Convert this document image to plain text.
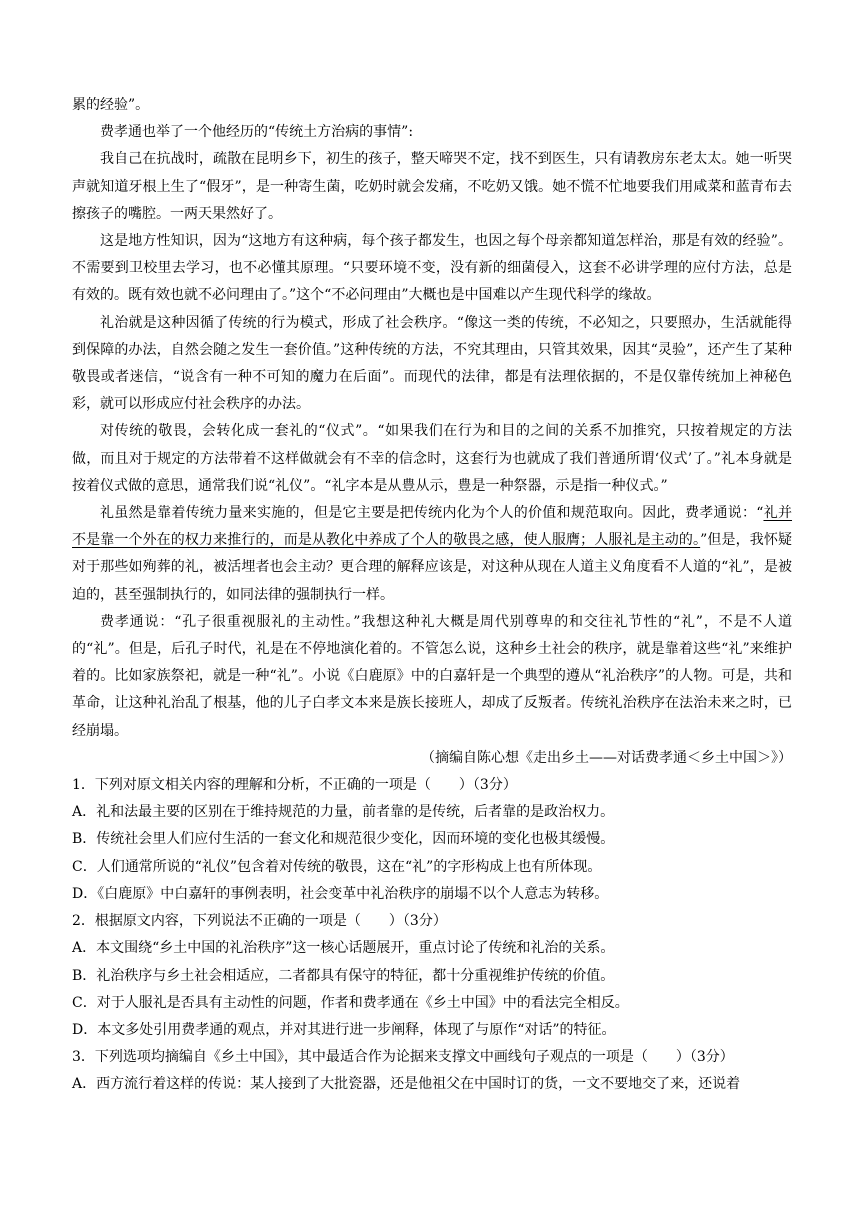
累的经验”。

费孝通也举了一个他经历的“传统土方治病的事情”:

我自己在抗战时，疏散在昆明乡下，初生的孩子，整天啼哭不定，找不到医生，只有请教房东老太太。她一听哭声就知道牙根上生了“假牙”，是一种寄生菌，吃奶时就会发痛，不吃奶又饿。她不慌不忙地要我们用咸菜和蓝青布去擦孩子的嘴腔。一两天果然好了。

这是地方性知识，因为“这地方有这种病，每个孩子都发生，也因之每个母亲都知道怎样治，那是有效的经验”。不需要到卫校里去学习，也不必懂其原理。“只要环境不变，没有新的细菌侵入，这套不必讲学理的应付方法，总是有效的。既有效也就不必问理由了。”这个“不必问理由”大概也是中国难以产生现代科学的缘故。

礼治就是这种因循了传统的行为模式，形成了社会秩序。“像这一类的传统，不必知之，只要照办，生活就能得到保障的办法，自然会随之发生一套价值。”这种传统的方法，不究其理由，只管其效果，因其“灵验”，还产生了某种敬畏或者迷信，“说含有一种不可知的魔力在后面”。而现代的法律，都是有法理依据的，不是仅靠传统加上神秘色彩，就可以形成应付社会秩序的办法。

对传统的敬畏，会转化成一套礼的“仪式”。“如果我们在行为和目的之间的关系不加推究，只按着规定的方法做，而且对于规定的方法带着不这样做就会有不幸的信念时，这套行为也就成了我们普通所谓‘仪式’了。”礼本身就是按着仪式做的意思，通常我们说“礼仪”。“礼字本是从豊从示，豊是一种祭器，示是指一种仪式。”

礼虽然是靠着传统力量来实施的，但是它主要是把传统内化为个人的价值和规范取向。因此，费孝通说：“礼并不是靠一个外在的权力来推行的，而是从教化中养成了个人的敬畏之感，使人服膺；人服礼是主动的。”但是，我怀疑对于那些如殉葬的礼，被活埋者也会主动？更合理的解释应该是，对这种从现在人道主义角度看不人道的“礼”，是被迫的，甚至强制执行的，如同法律的强制执行一样。

费孝通说：“孔子很重视服礼的主动性。”我想这种礼大概是周代别尊卑的和交往礼节性的“礼”，不是不人道的“礼”。但是，后孔子时代，礼是在不停地演化着的。不管怎么说，这种乡土社会的秩序，就是靠着这些“礼”来维护着的。比如家族祭祀，就是一种“礼”。小说《白鹿原》中的白嘉轩是一个典型的遵从“礼治秩序”的人物。可是，共和革命，让这种礼治乱了根基，他的儿子白孝文本来是族长接班人，却成了反叛者。传统礼治秩序在法治未来之时，已经崩塌。

（摘编自陈心想《走出乡土——对话费孝通＜乡土中国＞》）

1．下列对原文相关内容的理解和分析，不正确的一项是（　　）（3分）

A．礼和法最主要的区别在于维持规范的力量，前者靠的是传统，后者靠的是政治权力。

B．传统社会里人们应付生活的一套文化和规范很少变化，因而环境的变化也极其缓慢。

C．人们通常所说的“礼仪”包含着对传统的敬畏，这在“礼”的字形构成上也有所体现。

D．《白鹿原》中白嘉轩的事例表明，社会变革中礼治秩序的崩塌不以个人意志为转移。

2．根据原文内容，下列说法不正确的一项是（　　）（3分）

A．本文围绕“乡土中国的礼治秩序”这一核心话题展开，重点讨论了传统和礼治的关系。

B．礼治秩序与乡土社会相适应，二者都具有保守的特征，都十分重视维护传统的价值。

C．对于人服礼是否具有主动性的问题，作者和费孝通在《乡土中国》中的看法完全相反。

D．本文多处引用费孝通的观点，并对其进行进一步阐释，体现了与原作“对话”的特征。

3．下列选项均摘编自《乡土中国》，其中最适合作为论据来支撑文中画线句子观点的一项是（　　）（3分）

A．西方流行着这样的传说：某人接到了大批瓷器，还是他祖父在中国时订的货，一文不要地交了来，还说着
